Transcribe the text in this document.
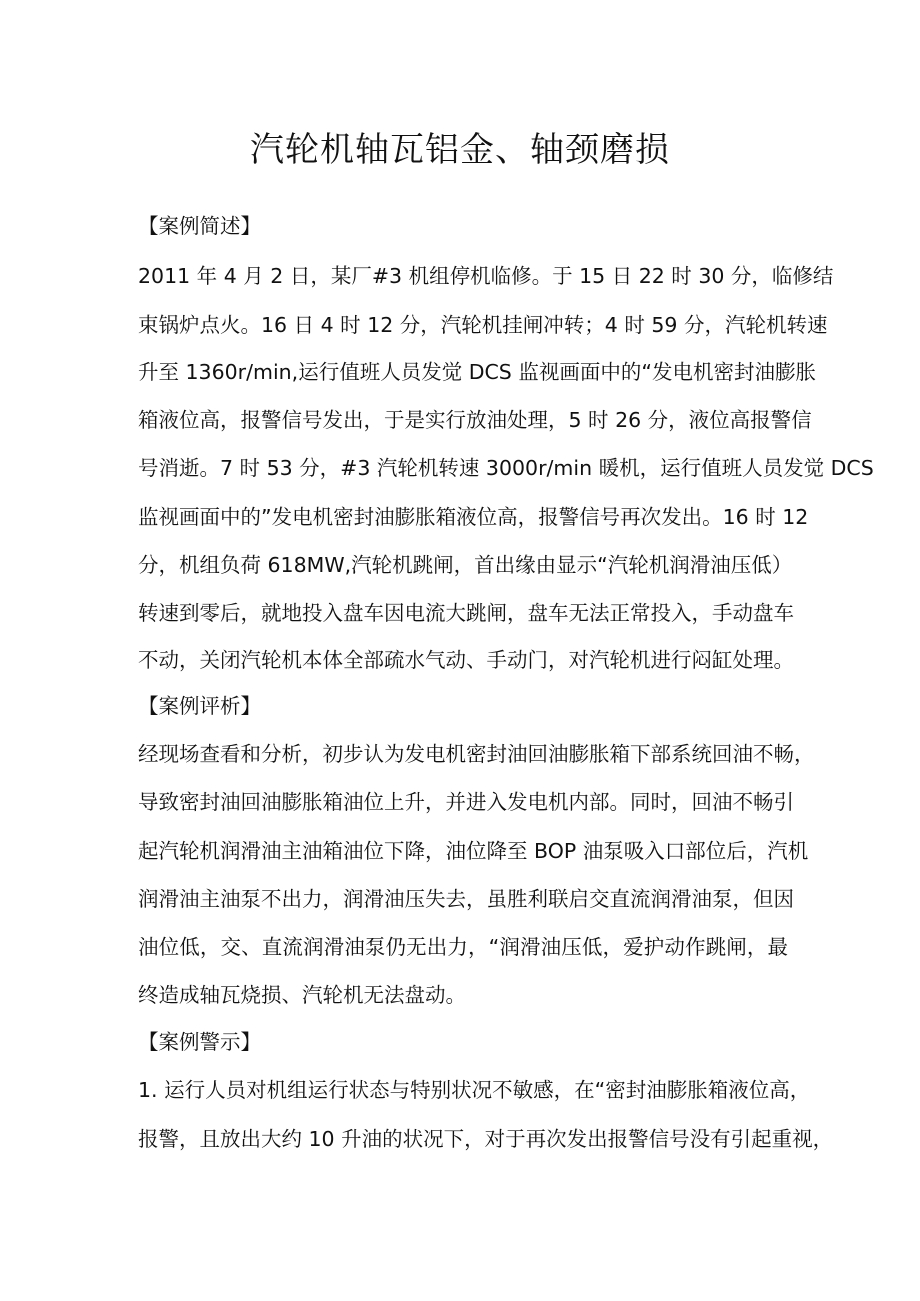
汽轮机轴瓦铝金、轴颈磨损

【案例简述】

2011 年 4 月 2 日，某厂#3 机组停机临修。于 15 日 22 时 30 分，临修结

束锅炉点火。16 日 4 时 12 分，汽轮机挂闸冲转；4 时 59 分，汽轮机转速

升至 1360r/min,运行值班人员发觉 DCS 监视画面中的“发电机密封油膨胀

箱液位高，报警信号发出，于是实行放油处理，5 时 26 分，液位高报警信

号消逝。7 时 53 分，#3 汽轮机转速 3000r/min 暖机，运行值班人员发觉 DCS

监视画面中的”发电机密封油膨胀箱液位高，报警信号再次发出。16 时 12

分，机组负荷 618MW,汽轮机跳闸，首出缘由显示“汽轮机润滑油压低）

转速到零后，就地投入盘车因电流大跳闸，盘车无法正常投入，手动盘车

不动，关闭汽轮机本体全部疏水气动、手动门，对汽轮机进行闷缸处理。

【案例评析】

经现场查看和分析，初步认为发电机密封油回油膨胀箱下部系统回油不畅，

导致密封油回油膨胀箱油位上升，并进入发电机内部。同时，回油不畅引

起汽轮机润滑油主油箱油位下降，油位降至 BOP 油泵吸入口部位后，汽机

润滑油主油泵不出力，润滑油压失去，虽胜利联启交直流润滑油泵，但因

油位低，交、直流润滑油泵仍无出力，“润滑油压低，爱护动作跳闸，最

终造成轴瓦烧损、汽轮机无法盘动。

【案例警示】

1. 运行人员对机组运行状态与特别状况不敏感，在“密封油膨胀箱液位高，

报警，且放出大约 10 升油的状况下，对于再次发出报警信号没有引起重视，
